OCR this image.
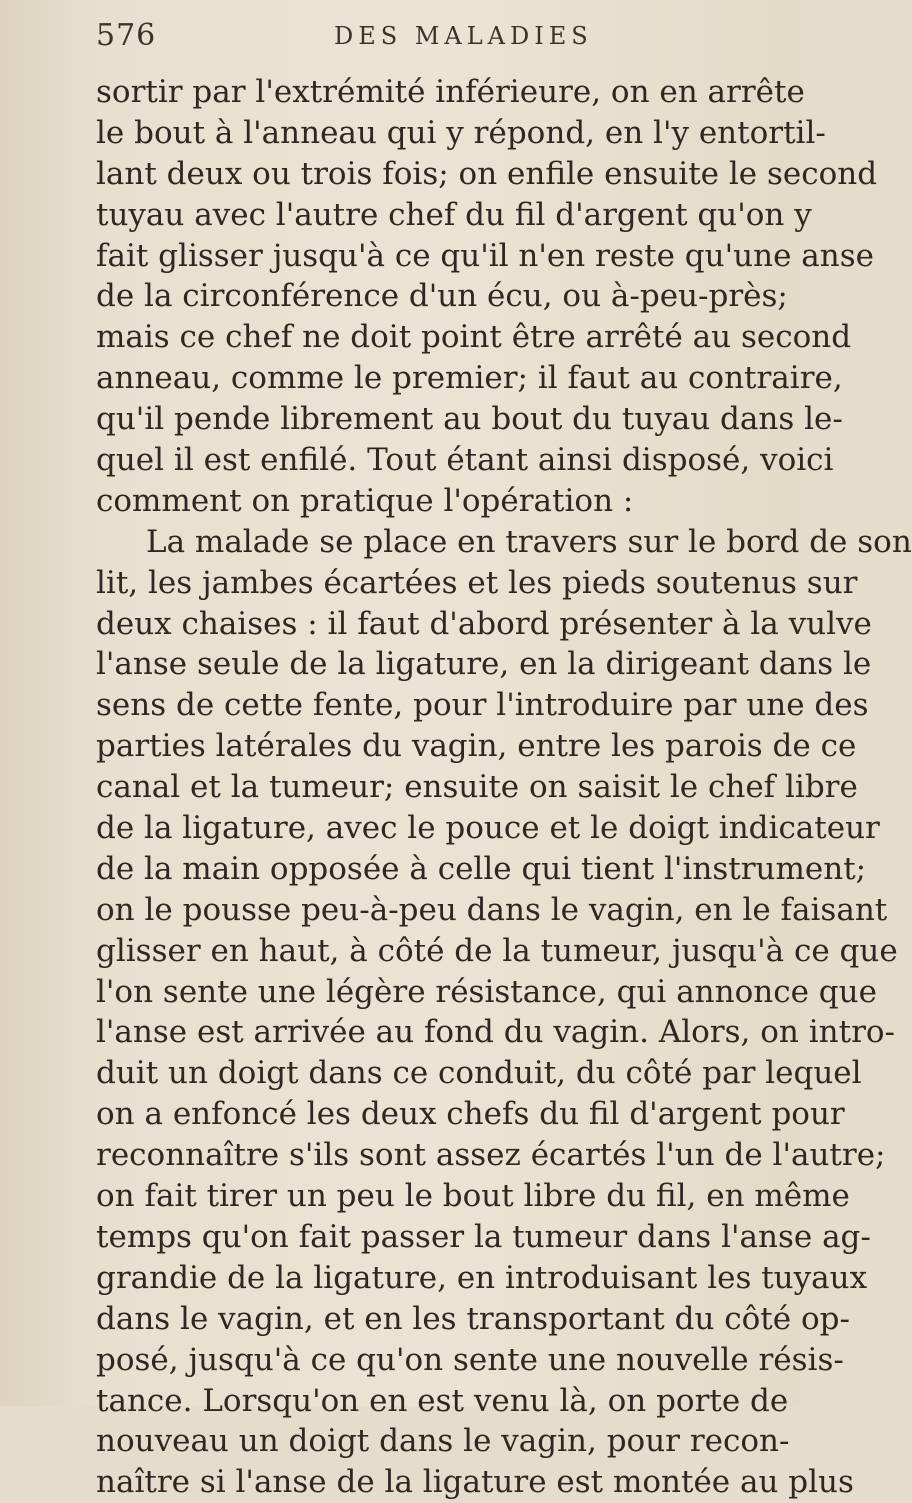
576	DES MALADIES
sortir par l'extrémité inférieure, on en arrête
le bout à l'anneau qui y répond, en l'y entortil-
lant deux ou trois fois; on enfile ensuite le second
tuyau avec l'autre chef du fil d'argent qu'on y
fait glisser jusqu'à ce qu'il n'en reste qu'une anse
de la circonférence d'un écu, ou à-peu-près;
mais ce chef ne doit point être arrêté au second
anneau, comme le premier; il faut au contraire,
qu'il pende librement au bout du tuyau dans le-
quel il est enfilé. Tout étant ainsi disposé, voici
comment on pratique l'opération :
La malade se place en travers sur le bord de son
lit, les jambes écartées et les pieds soutenus sur
deux chaises : il faut d'abord présenter à la vulve
l'anse seule de la ligature, en la dirigeant dans le
sens de cette fente, pour l'introduire par une des
parties latérales du vagin, entre les parois de ce
canal et la tumeur; ensuite on saisit le chef libre
de la ligature, avec le pouce et le doigt indicateur
de la main opposée à celle qui tient l'instrument;
on le pousse peu-à-peu dans le vagin, en le faisant
glisser en haut, à côté de la tumeur, jusqu'à ce que
l'on sente une légère résistance, qui annonce que
l'anse est arrivée au fond du vagin. Alors, on intro-
duit un doigt dans ce conduit, du côté par lequel
on a enfoncé les deux chefs du fil d'argent pour
reconnaître s'ils sont assez écartés l'un de l'autre;
on fait tirer un peu le bout libre du fil, en même
temps qu'on fait passer la tumeur dans l'anse ag-
grandie de la ligature, en introduisant les tuyaux
dans le vagin, et en les transportant du côté op-
posé, jusqu'à ce qu'on sente une nouvelle résis-
tance. Lorsqu'on en est venu là, on porte de
nouveau un doigt dans le vagin, pour recon-
naître si l'anse de la ligature est montée au plus
